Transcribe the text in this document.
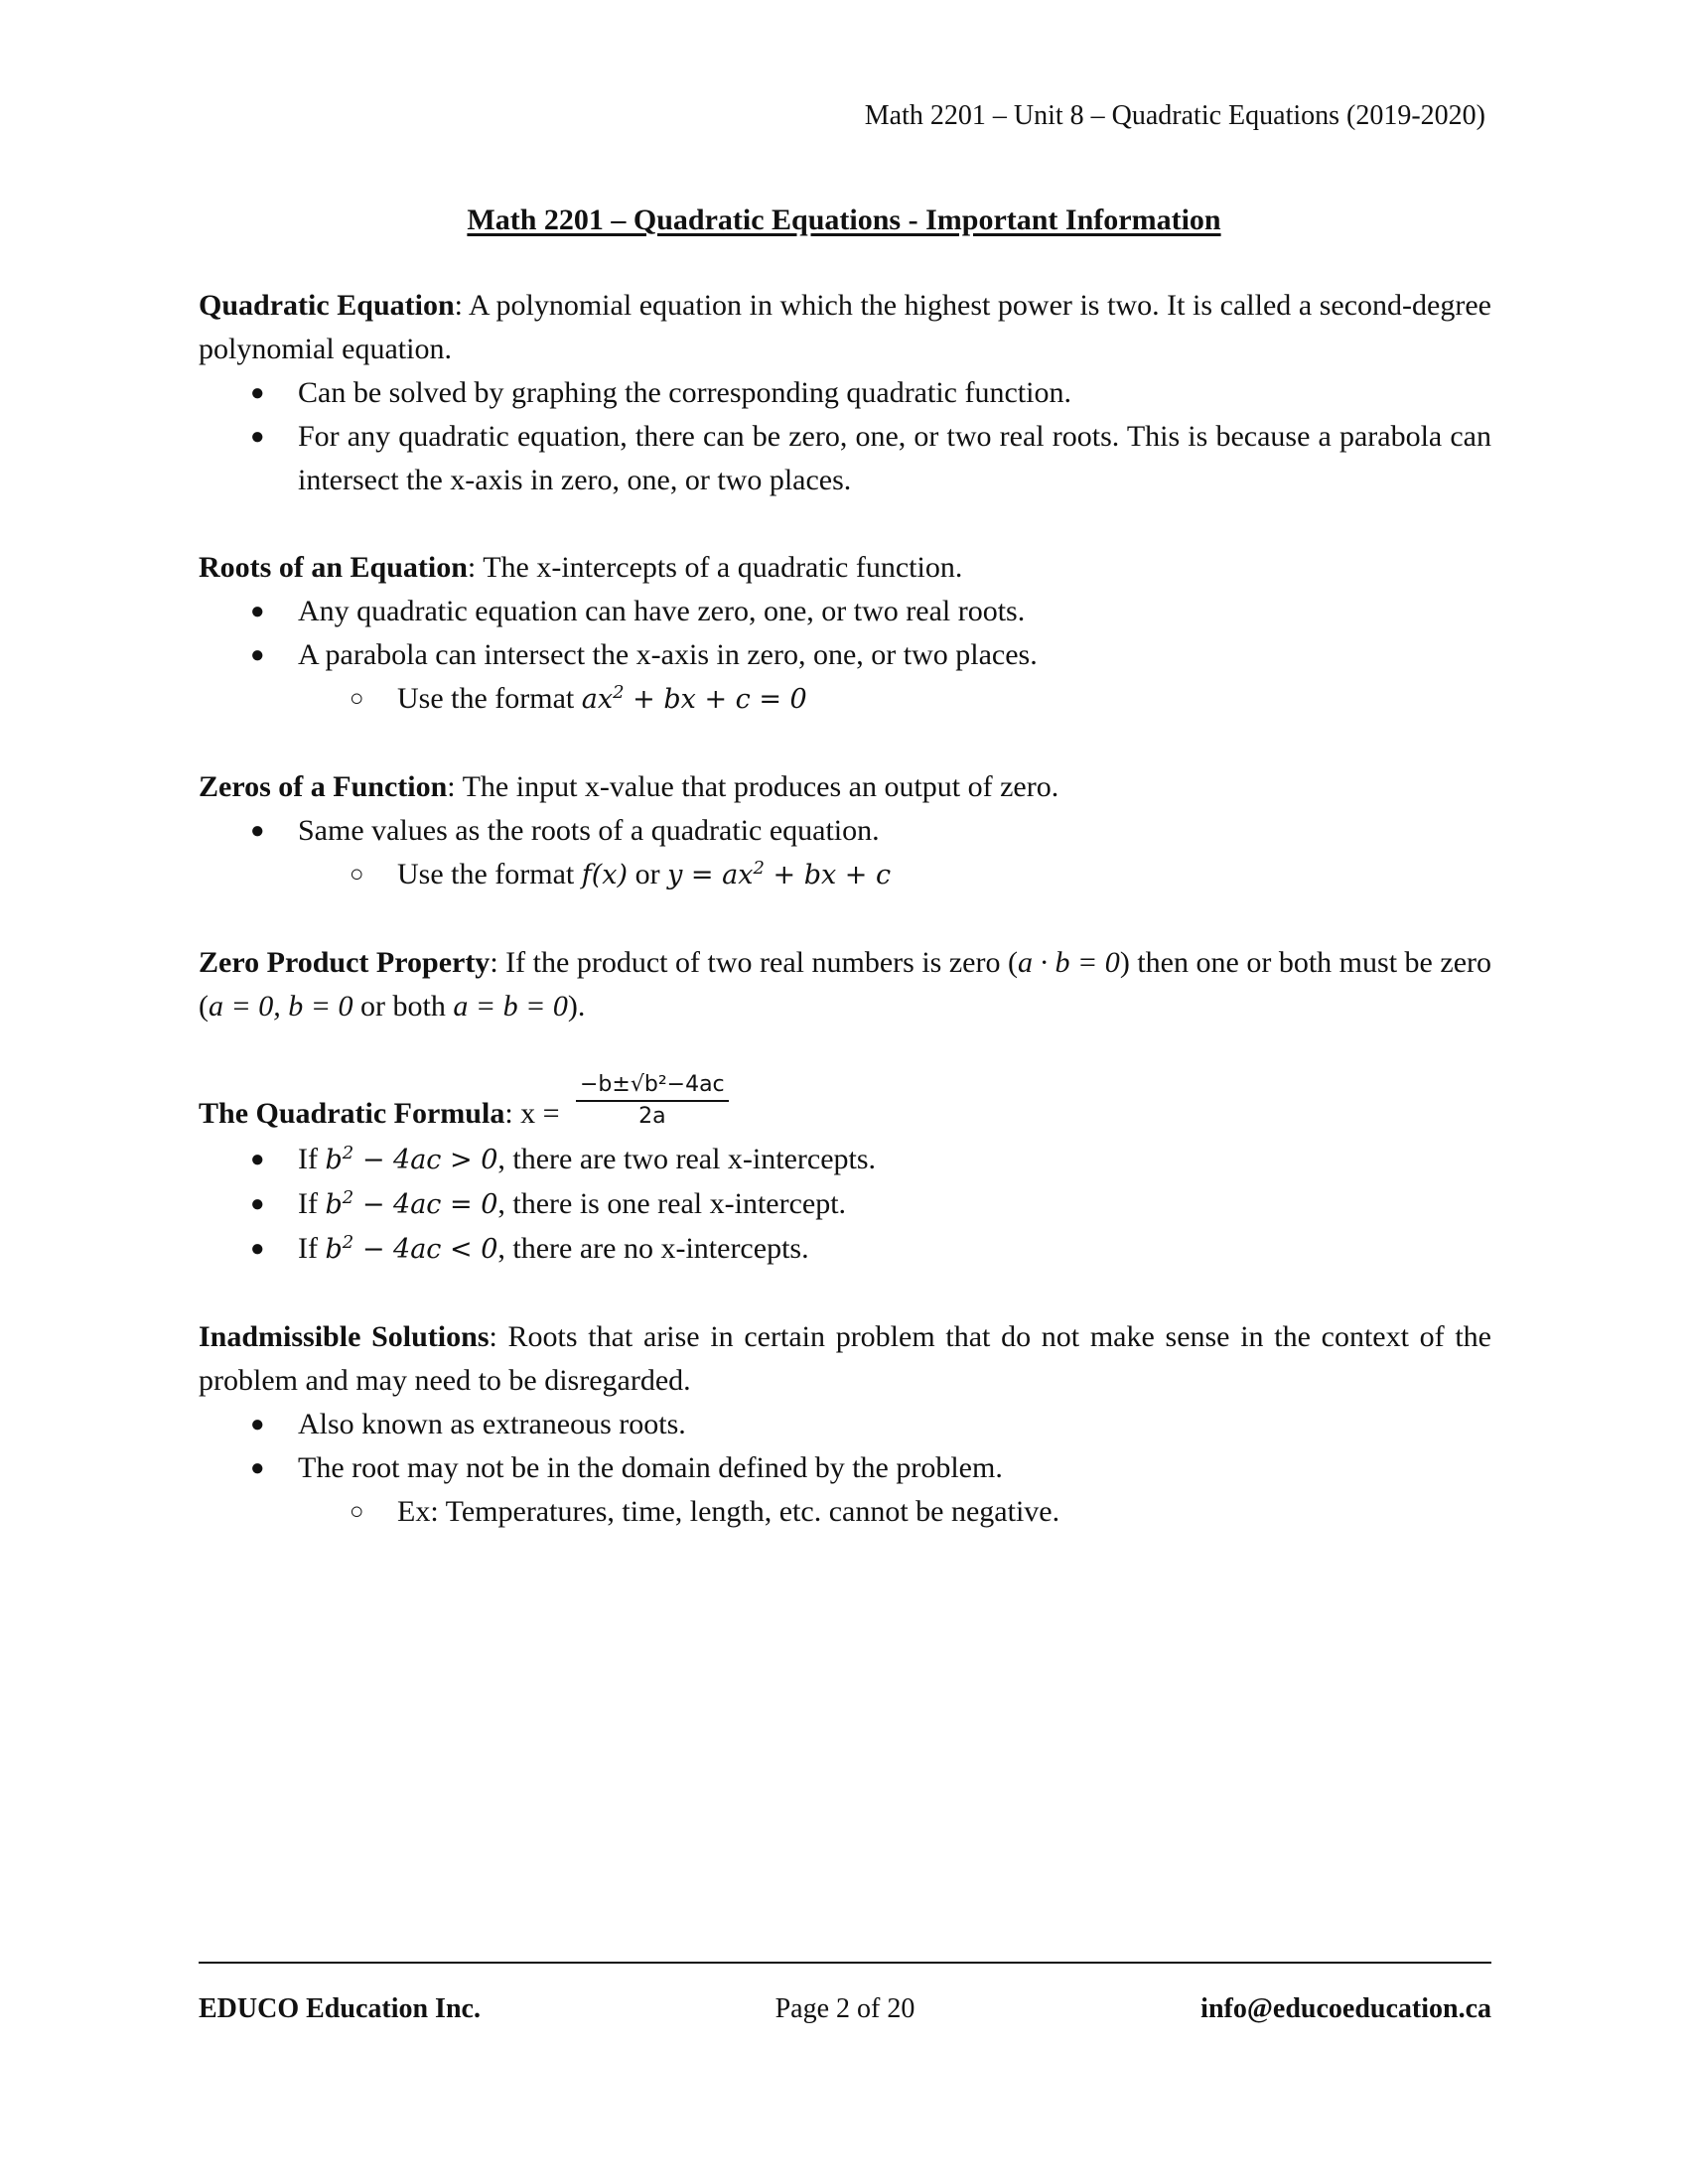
Math 2201 – Unit 8 – Quadratic Equations (2019-2020)
Math 2201 – Quadratic Equations - Important Information

Quadratic Equation: A polynomial equation in which the highest power is two. It is called a second-degree polynomial equation.

● Can be solved by graphing the corresponding quadratic function.
● For any quadratic equation, there can be zero, one, or two real roots. This is because a parabola can intersect the x-axis in zero, one, or two places.

Roots of an Equation: The x-intercepts of a quadratic function.

● Any quadratic equation can have zero, one, or two real roots.
● A parabola can intersect the x-axis in zero, one, or two places.
○ Use the format $ax^2$ + bx + c = 0

Zeros of a Function: The input x-value that produces an output of zero.

● Same values as the roots of a quadratic equation.
○ Use the format f(x) or $y = ax^2$ + bx + c

Zero Product Property: If the product of two real numbers is zero (a · b = 0) then one or both must be zero (a = 0, b = 0 or both a = b = 0).

The Quadratic Formula: $x = \frac{\text{−b±√b²−4ac}}{2a}$
● If $b^2 - 4ac > 0$, there are two real x-intercepts.
● If $b^2 - 4ac = 0$, there is one real x-intercept.
● If $b^2 - 4ac < 0$, there are no x-intercepts.

Inadmissible Solutions: Roots that arise in certain problem that do not make sense in the context of the problem and may need to be disregarded.

● Also known as extraneous roots.
● The root may not be in the domain defined by the problem.
○ Ex: Temperatures, time, length, etc. cannot be negative.
Page 2 of 20
EDUCO Education Inc.	info@educoeducation.ca
